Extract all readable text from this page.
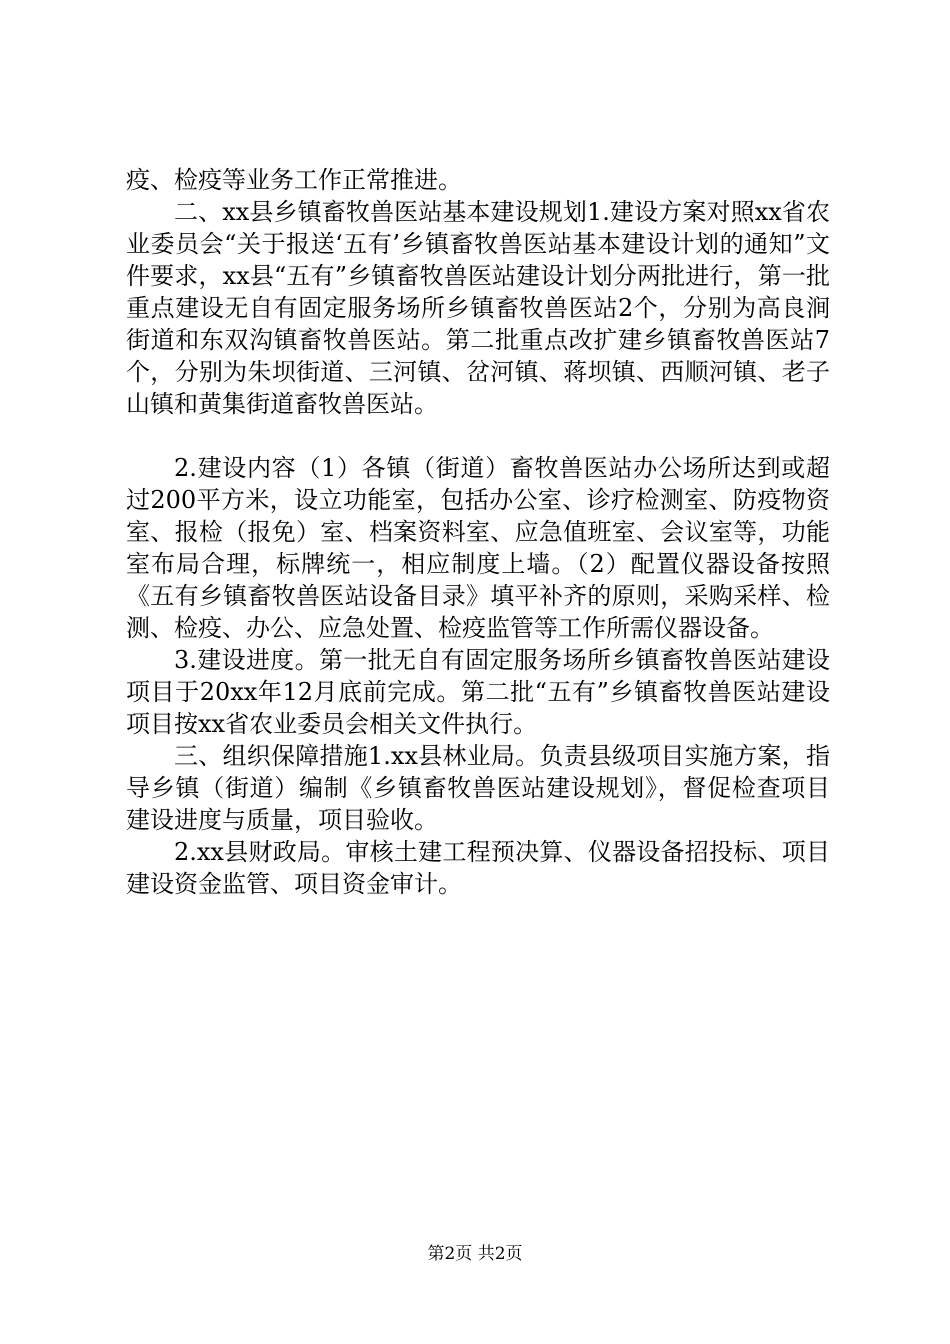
疫、检疫等业务工作正常推进。

二、xx县乡镇畜牧兽医站基本建设规划1.建设方案对照xx省农业委员会“关于报送‘五有’乡镇畜牧兽医站基本建设计划的通知”文件要求，xx县“五有”乡镇畜牧兽医站建设计划分两批进行，第一批重点建设无自有固定服务场所乡镇畜牧兽医站2个，分别为高良涧街道和东双沟镇畜牧兽医站。第二批重点改扩建乡镇畜牧兽医站7个，分别为朱坝街道、三河镇、岔河镇、蒋坝镇、西顺河镇、老子山镇和黄集街道畜牧兽医站。

2.建设内容（1）各镇（街道）畜牧兽医站办公场所达到或超过200平方米，设立功能室，包括办公室、诊疗检测室、防疫物资室、报检（报免）室、档案资料室、应急值班室、会议室等，功能室布局合理，标牌统一，相应制度上墙。（2）配置仪器设备按照《五有乡镇畜牧兽医站设备目录》填平补齐的原则，采购采样、检测、检疫、办公、应急处置、检疫监管等工作所需仪器设备。

3.建设进度。第一批无自有固定服务场所乡镇畜牧兽医站建设项目于20xx年12月底前完成。第二批“五有”乡镇畜牧兽医站建设项目按xx省农业委员会相关文件执行。

三、组织保障措施1.xx县林业局。负责县级项目实施方案，指导乡镇（街道）编制《乡镇畜牧兽医站建设规划》，督促检查项目建设进度与质量，项目验收。

2.xx县财政局。审核土建工程预决算、仪器设备招投标、项目建设资金监管、项目资金审计。

第2页 共2页
